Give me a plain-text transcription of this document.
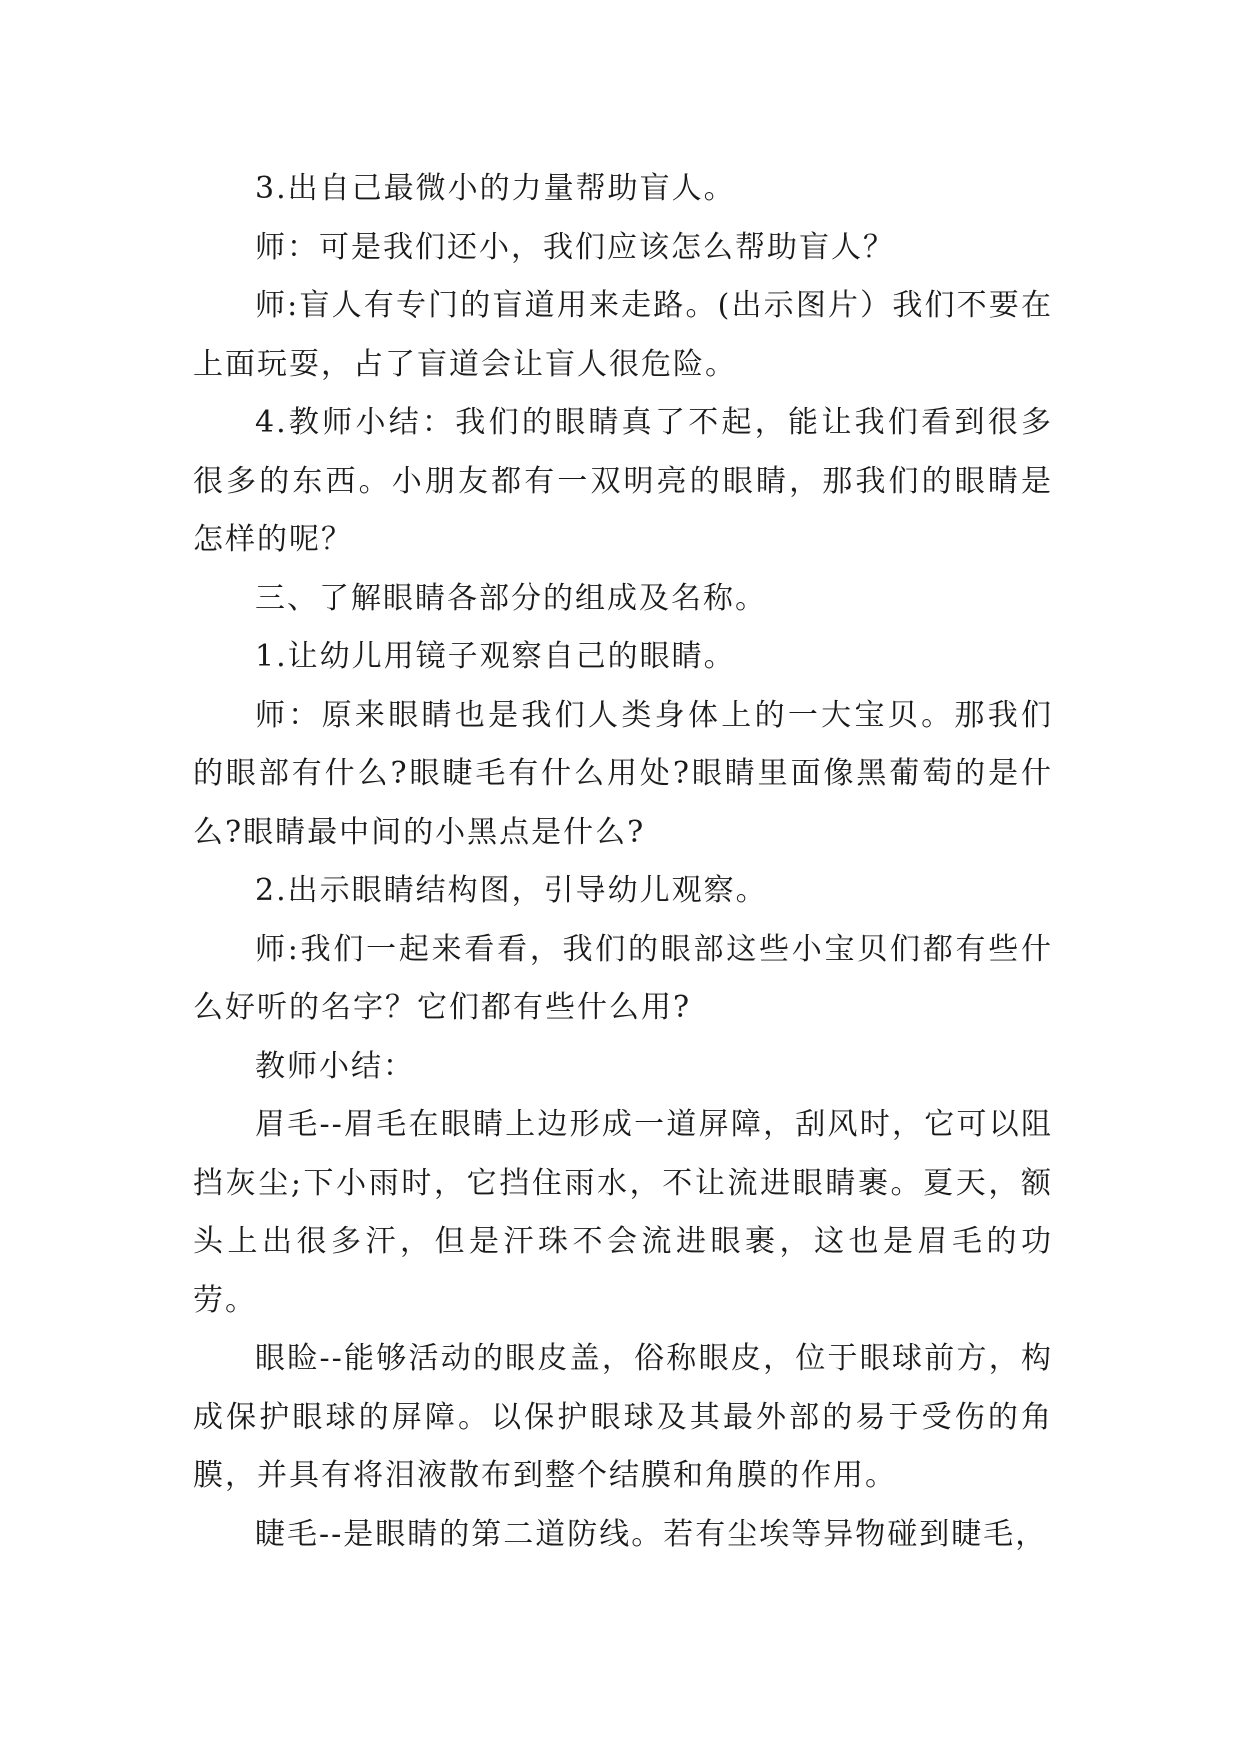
3.出自己最微小的力量帮助盲人。

师：可是我们还小，我们应该怎么帮助盲人？

师:盲人有专门的盲道用来走路。(出示图片）我们不要在上面玩耍，占了盲道会让盲人很危险。

4.教师小结：我们的眼睛真了不起，能让我们看到很多很多的东西。小朋友都有一双明亮的眼睛，那我们的眼睛是怎样的呢？

三、了解眼睛各部分的组成及名称。

1.让幼儿用镜子观察自己的眼睛。

师：原来眼睛也是我们人类身体上的一大宝贝。那我们的眼部有什么?眼睫毛有什么用处?眼睛里面像黑葡萄的是什么?眼睛最中间的小黑点是什么?

2.出示眼睛结构图，引导幼儿观察。

师:我们一起来看看，我们的眼部这些小宝贝们都有些什么好听的名字？它们都有些什么用?

教师小结：

眉毛--眉毛在眼睛上边形成一道屏障，刮风时，它可以阻挡灰尘;下小雨时，它挡住雨水，不让流进眼睛裹。夏天，额头上出很多汗，但是汗珠不会流进眼裹，这也是眉毛的功劳。

眼睑--能够活动的眼皮盖，俗称眼皮，位于眼球前方，构成保护眼球的屏障。以保护眼球及其最外部的易于受伤的角膜，并具有将泪液散布到整个结膜和角膜的作用。

睫毛--是眼睛的第二道防线。若有尘埃等异物碰到睫毛，
